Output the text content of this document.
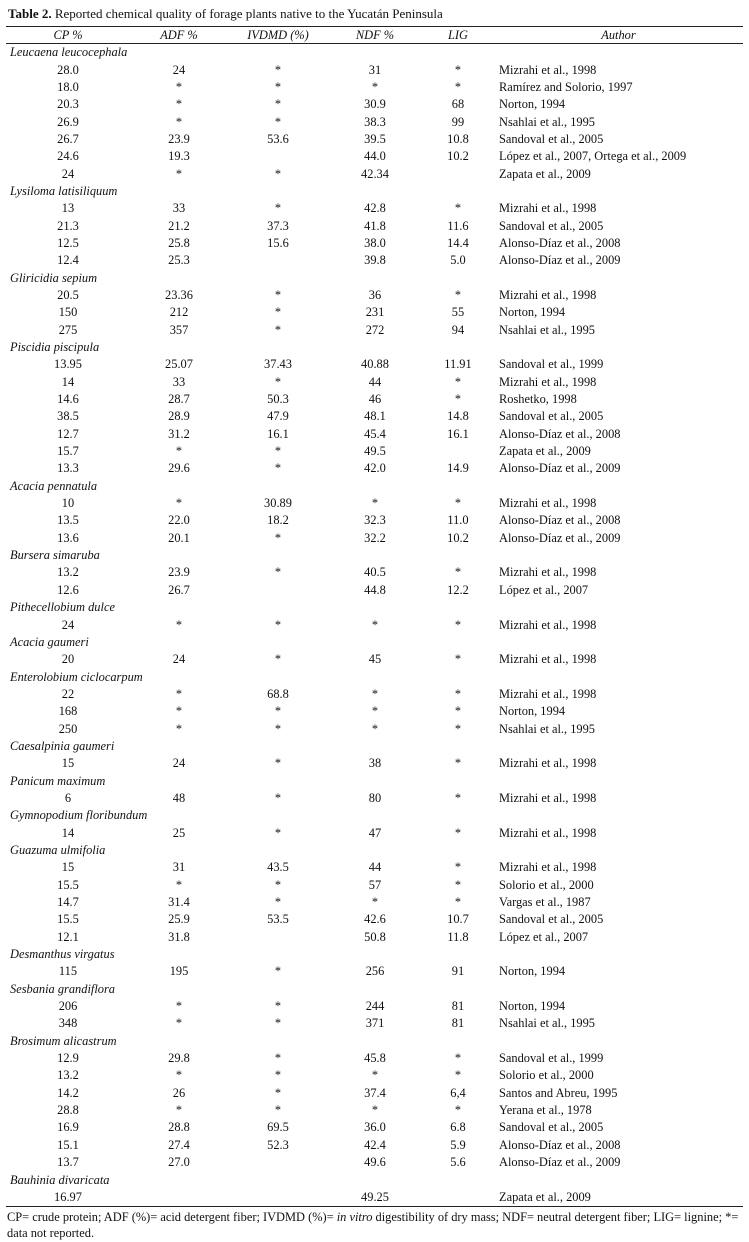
Table 2. Reported chemical quality of forage plants native to the Yucatán Peninsula
CP %	ADF %	IVDMD (%)	NDF %	LIG	Author
Leucaena leucocephala					
28.0	24	*	31	*	Mizrahi et al., 1998
18.0	*	*	*	*	Ramírez and Solorio, 1997
20.3	*	*	30.9	68	Norton, 1994
26.9	*	*	38.3	99	Nsahlai et al., 1995
26.7	23.9	53.6	39.5	10.8	Sandoval et al., 2005
24.6	19.3		44.0	10.2	López et al., 2007, Ortega et al., 2009
24	*	*	42.34		Zapata et al., 2009
Lysiloma latisiliquum					
13	33	*	42.8	*	Mizrahi et al., 1998
21.3	21.2	37.3	41.8	11.6	Sandoval et al., 2005
12.5	25.8	15.6	38.0	14.4	Alonso-Díaz et al., 2008
12.4	25.3		39.8	5.0	Alonso-Díaz et al., 2009
Gliricidia sepium					
20.5	23.36	*	36	*	Mizrahi et al., 1998
150	212	*	231	55	Norton, 1994
275	357	*	272	94	Nsahlai et al., 1995
Piscidia piscipula					
13.95	25.07	37.43	40.88	11.91	Sandoval et al., 1999
14	33	*	44	*	Mizrahi et al., 1998
14.6	28.7	50.3	46	*	Roshetko, 1998
38.5	28.9	47.9	48.1	14.8	Sandoval et al., 2005
12.7	31.2	16.1	45.4	16.1	Alonso-Díaz et al., 2008
15.7	*	*	49.5		Zapata et al., 2009
13.3	29.6	*	42.0	14.9	Alonso-Díaz et al., 2009
Acacia pennatula					
10	*	30.89	*	*	Mizrahi et al., 1998
13.5	22.0	18.2	32.3	11.0	Alonso-Díaz et al., 2008
13.6	20.1	*	32.2	10.2	Alonso-Díaz et al., 2009
Bursera simaruba					
13.2	23.9	*	40.5	*	Mizrahi et al., 1998
12.6	26.7		44.8	12.2	López et al., 2007
Pithecellobium dulce					
24	*	*	*	*	Mizrahi et al., 1998
Acacia gaumeri					
20	24	*	45	*	Mizrahi et al., 1998
Enterolobium ciclocarpum					
22	*	68.8	*	*	Mizrahi et al., 1998
168	*	*	*	*	Norton, 1994
250	*	*	*	*	Nsahlai et al., 1995
Caesalpinia gaumeri					
15	24	*	38	*	Mizrahi et al., 1998
Panicum maximum					
6	48	*	80	*	Mizrahi et al., 1998
Gymnopodium floribundum					
14	25	*	47	*	Mizrahi et al., 1998
Guazuma ulmifolia					
15	31	43.5	44	*	Mizrahi et al., 1998
15.5	*	*	57	*	Solorio et al., 2000
14.7	31.4	*	*	*	Vargas et al., 1987
15.5	25.9	53.5	42.6	10.7	Sandoval et al., 2005
12.1	31.8		50.8	11.8	López et al., 2007
Desmanthus virgatus					
115	195	*	256	91	Norton, 1994
Sesbania grandiflora					
206	*	*	244	81	Norton, 1994
348	*	*	371	81	Nsahlai et al., 1995
Brosimum alicastrum					
12.9	29.8	*	45.8	*	Sandoval et al., 1999
13.2	*	*	*	*	Solorio et al., 2000
14.2	26	*	37.4	6,4	Santos and Abreu, 1995
28.8	*	*	*	*	Yerana et al., 1978
16.9	28.8	69.5	36.0	6.8	Sandoval et al., 2005
15.1	27.4	52.3	42.4	5.9	Alonso-Díaz et al., 2008
13.7	27.0		49.6	5.6	Alonso-Díaz et al., 2009
Bauhinia divaricata					
16.97			49.25		Zapata et al., 2009
CP= crude protein; ADF (%)= acid detergent fiber; IVDMD (%)= in vitro digestibility of dry mass; NDF= neutral detergent fiber; LIG= lignine; *= data not reported.
